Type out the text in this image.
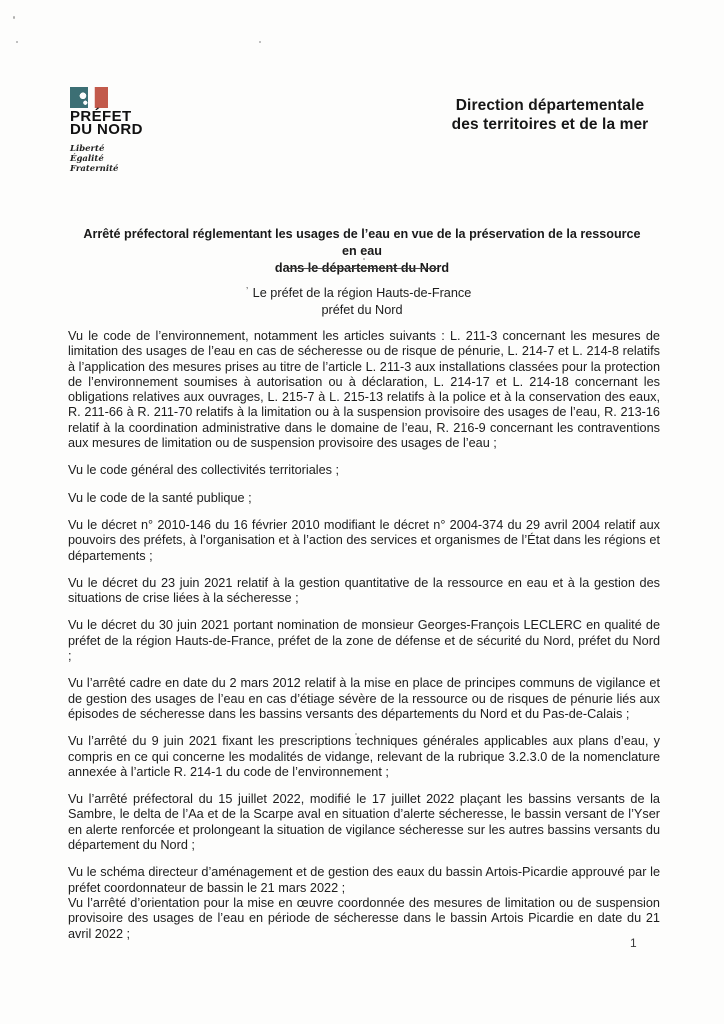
PRÉFET
DU NORD
Liberté
Égalité
Fraternité
Direction départementale
des territoires et de la mer
Arrêté préfectoral réglementant les usages de l’eau en vue de la préservation de la ressource en eau
dans le département du Nord
’ Le préfet de la région Hauts-de-France
préfet du Nord

Vu le code de l’environnement, notamment les articles suivants : L. 211-3 concernant les mesures de limitation des usages de l’eau en cas de sécheresse ou de risque de pénurie, L. 214-7 et L. 214-8 relatifs à l’application des mesures prises au titre de l’article L. 211-3 aux installations classées pour la protection de l’environnement soumises à autorisation ou à déclaration, L. 214-17 et L. 214-18 concernant les obligations relatives aux ouvrages, L. 215-7 à L. 215-13 relatifs à la police et à la conservation des eaux, R. 211-66 à R. 211-70 relatifs à la limitation ou à la suspension provisoire des usages de l’eau, R. 213-16 relatif à la coordination administrative dans le domaine de l’eau, R. 216-9 concernant les contraventions aux mesures de limitation ou de suspension provisoire des usages de l’eau ;

Vu le code général des collectivités territoriales ;

Vu le code de la santé publique ;

Vu le décret n° 2010-146 du 16 février 2010 modifiant le décret n° 2004-374 du 29 avril 2004 relatif aux pouvoirs des préfets, à l’organisation et à l’action des services et organismes de l’État dans les régions et départements ;

Vu le décret du 23 juin 2021 relatif à la gestion quantitative de la ressource en eau et à la gestion des situations de crise liées à la sécheresse ;

Vu le décret du 30 juin 2021 portant nomination de monsieur Georges-François LECLERC en qualité de préfet de la région Hauts-de-France, préfet de la zone de défense et de sécurité du Nord, préfet du Nord ;

Vu l’arrêté cadre en date du 2 mars 2012 relatif à la mise en place de principes communs de vigilance et de gestion des usages de l’eau en cas d’étiage sévère de la ressource ou de risques de pénurie liés aux épisodes de sécheresse dans les bassins versants des départements du Nord et du Pas-de-Calais ;

Vu l’arrêté du 9 juin 2021 fixant les prescriptions techniques générales applicables aux plans d’eau, y compris en ce qui concerne les modalités de vidange, relevant de la rubrique 3.2.3.0 de la nomenclature annexée à l’article R. 214-1 du code de l’environnement ;

Vu l’arrêté préfectoral du 15 juillet 2022, modifié le 17 juillet 2022 plaçant les bassins versants de la Sambre, le delta de l’Aa et de la Scarpe aval en situation d’alerte sécheresse, le bassin versant de l’Yser en alerte renforcée et prolongeant la situation de vigilance sécheresse sur les autres bassins versants du département du Nord ;

Vu le schéma directeur d’aménagement et de gestion des eaux du bassin Artois-Picardie approuvé par le préfet coordonnateur de bassin le 21 mars 2022 ;

Vu l’arrêté d’orientation pour la mise en œuvre coordonnée des mesures de limitation ou de suspension provisoire des usages de l’eau en période de sécheresse dans le bassin Artois Picardie en date du 21 avril 2022 ;

1
